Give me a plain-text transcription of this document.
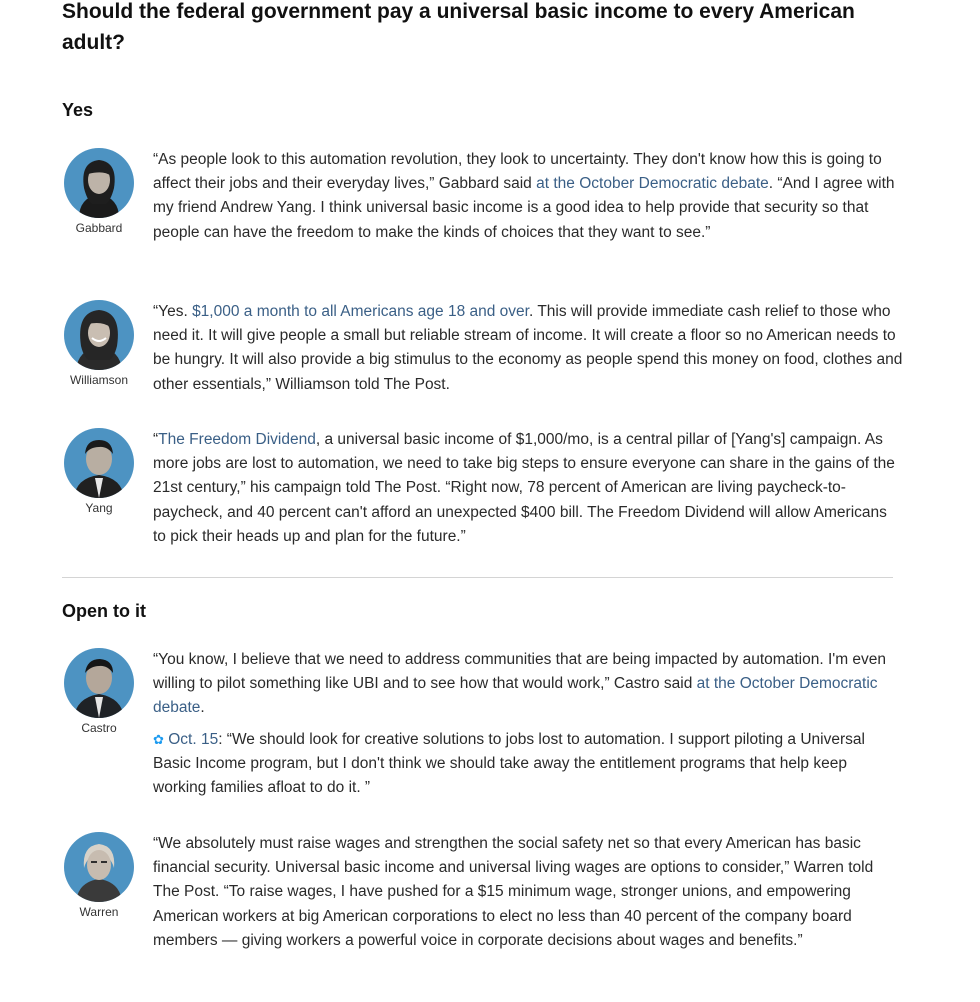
Should the federal government pay a universal basic income to every American adult?
Yes
Gabbard

“As people look to this automation revolution, they look to uncertainty. They don't know how this is going to affect their jobs and their everyday lives,” Gabbard said at the October Democratic debate. “And I agree with my friend Andrew Yang. I think universal basic income is a good idea to help provide that security so that people can have the freedom to make the kinds of choices that they want to see.”

Williamson

“Yes. $1,000 a month to all Americans age 18 and over. This will provide immediate cash relief to those who need it. It will give people a small but reliable stream of income. It will create a floor so no American needs to be hungry. It will also provide a big stimulus to the economy as people spend this money on food, clothes and other essentials,” Williamson told The Post.

Yang

“The Freedom Dividend, a universal basic income of $1,000/mo, is a central pillar of [Yang's] campaign. As more jobs are lost to automation, we need to take big steps to ensure everyone can share in the gains of the 21st century,” his campaign told The Post. “Right now, 78 percent of American are living paycheck-to-paycheck, and 40 percent can't afford an unexpected $400 bill. The Freedom Dividend will allow Americans to pick their heads up and plan for the future.”

Open to it
Castro

“You know, I believe that we need to address communities that are being impacted by automation. I'm even willing to pilot something like UBI and to see how that would work,” Castro said at the October Democratic debate.

✿ Oct. 15: “We should look for creative solutions to jobs lost to automation. I support piloting a Universal Basic Income program, but I don't think we should take away the entitlement programs that help keep working families afloat to do it. ”

Warren

“We absolutely must raise wages and strengthen the social safety net so that every American has basic financial security. Universal basic income and universal living wages are options to consider,” Warren told The Post. “To raise wages, I have pushed for a $15 minimum wage, stronger unions, and empowering American workers at big American corporations to elect no less than 40 percent of the company board members — giving workers a powerful voice in corporate decisions about wages and benefits.”
